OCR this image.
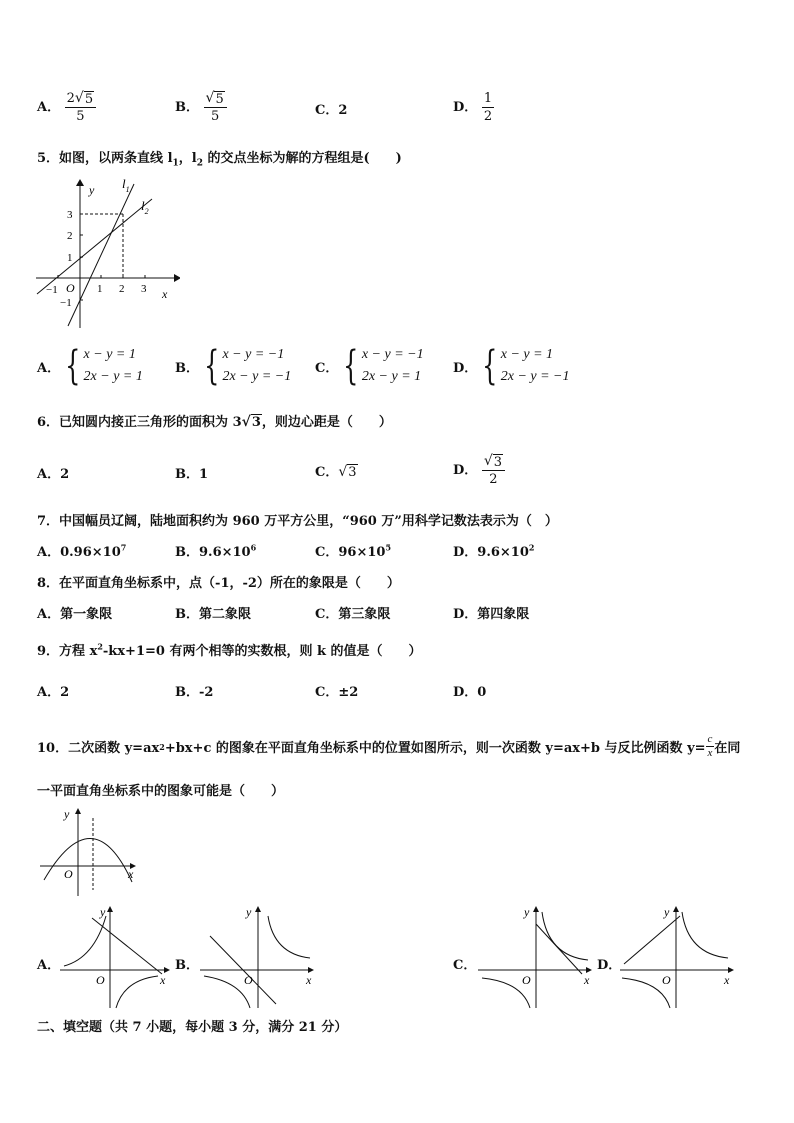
A． $\frac{2 √ 5}{5}$	B． $\frac{√ 5}{5}$	C．2	D． $\frac{1}{2}$
5．如图，以两条直线 $l_1$，$l_2$ 的交点坐标为解的方程组是(　　)
y
x
O
−1	1 2 3
3
2
1
−1
$l_1$
$l_2$
A． { x − y = 1
2x − y = 1
B． { x − y = −1
2x − y = −1
C． { x − y = −1
2x − y = 1
D． { x − y = 1
2x − y = −1
6．已知圆内接正三角形的面积为 3 √ 3 ，则边心距是（　　）
A．2	B．1	C． √ 3	D． $\frac{√ 3}{2}$
7．中国幅员辽阔，陆地面积约为 960 万平方公里，“960 万”用科学记数法表示为（　）
A．$0.96\times 10^7$	B．$9.6\times 10^6$	C．$96\times 10^5$	D．$9.6\times 10^2$
8．在平面直角坐标系中，点（-1，-2）所在的象限是（　　）
A．第一象限	B．第二象限	C．第三象限	D．第四象限
9．方程 $x^2-kx+1=0$ 有两个相等的实数根，则 k 的值是（　　）
A．2	B．-2	C．±2	D．0
10．二次函数 y=ax 2 +bx+c 的图象在平面直角坐标系中的位置如图所示，则一次函数 y=ax+b 与反比例函数 $y= \frac{c}{x}$ 在同
一平面直角坐标系中的图象可能是（　　）
y
x
O
A．
y
x
O
B．
y
x
O
C．
y
x
O
D．
y
x
O
二、填空题（共 7 小题，每小题 3 分，满分 21 分）
